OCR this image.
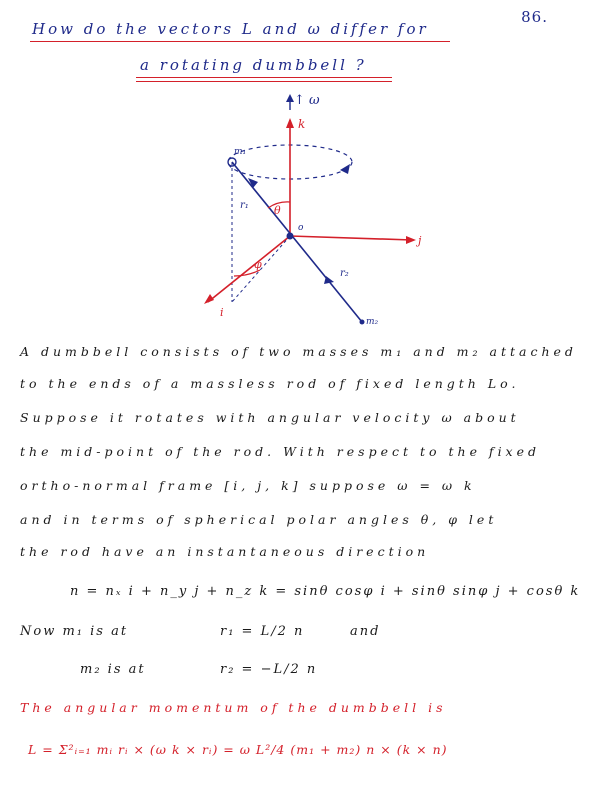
86.
How do the vectors L and ω differ for
a rotating dumbbell ?
↑ ω
k
m₁
m₂
r₁
r₂
θ
φ
o
i
j
A dumbbell consists of two masses m₁ and m₂ attached
to the ends of a massless rod of fixed length Lo.
Suppose it rotates with angular velocity ω about
the mid-point of the rod. With respect to the fixed
ortho-normal frame [i, j, k] suppose ω = ω k
and in terms of spherical polar angles θ, φ let
the rod have an instantaneous direction
n = nₓ i + n_y j + n_z k = sinθ cosφ i + sinθ sinφ j + cosθ k
Now m₁ is at	r₁ = L/2 n	and
m₂ is at	r₂ = −L/2 n
The angular momentum of the dumbbell is
L = Σ²ᵢ₌₁ mᵢ rᵢ × (ω k × rᵢ) = ω L²/4 (m₁ + m₂) n × (k × n)
